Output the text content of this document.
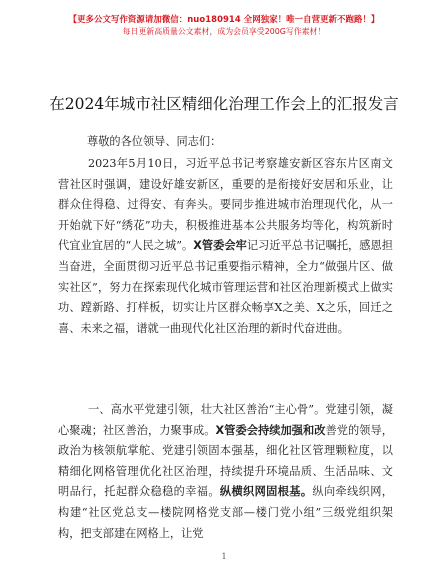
【更多公文写作资源请加微信：nuo180914 全网独家！唯一自营更新不跑路！】
每日更新高质量公文素材，成为会员享受200G写作素材！
在2024年城市社区精细化治理工作会上的汇报发言
尊敬的各位领导、同志们：
2023年5月10日，习近平总书记考察雄安新区容东片区南文营社区时强调，建设好雄安新区，重要的是衔接好安居和乐业，让群众住得稳、过得安、有奔头。要同步推进城市治理现代化，从一开始就下好“绣花”功夫，积极推进基本公共服务均等化，构筑新时代宜业宜居的“人民之城”。X管委会牢记习近平总书记嘱托，感恩担当奋进，全面贯彻习近平总书记重要指示精神，全力“做强片区、做实社区”，努力在探索现代化城市管理运营和社区治理新模式上做实功、蹚新路、打样板，切实让片区群众畅享X之美、X之乐，回迁之喜、未来之福，谱就一曲现代化社区治理的新时代奋进曲。
一、高水平党建引领，壮大社区善治“主心骨”。党建引领，凝心聚魂；社区善治，力聚事成。X管委会持续加强和改善党的领导，政治为核领航掌舵、党建引领固本强基，细化社区管理颗粒度，以精细化网格管理优化社区治理，持续提升环境品质、生活品味、文明品行，托起群众稳稳的幸福。纵横织网固根基。纵向牵线织网，构建“社区党总支—楼院网格党支部—楼门党小组”三级党组织架构，把支部建在网格上，让党
1
